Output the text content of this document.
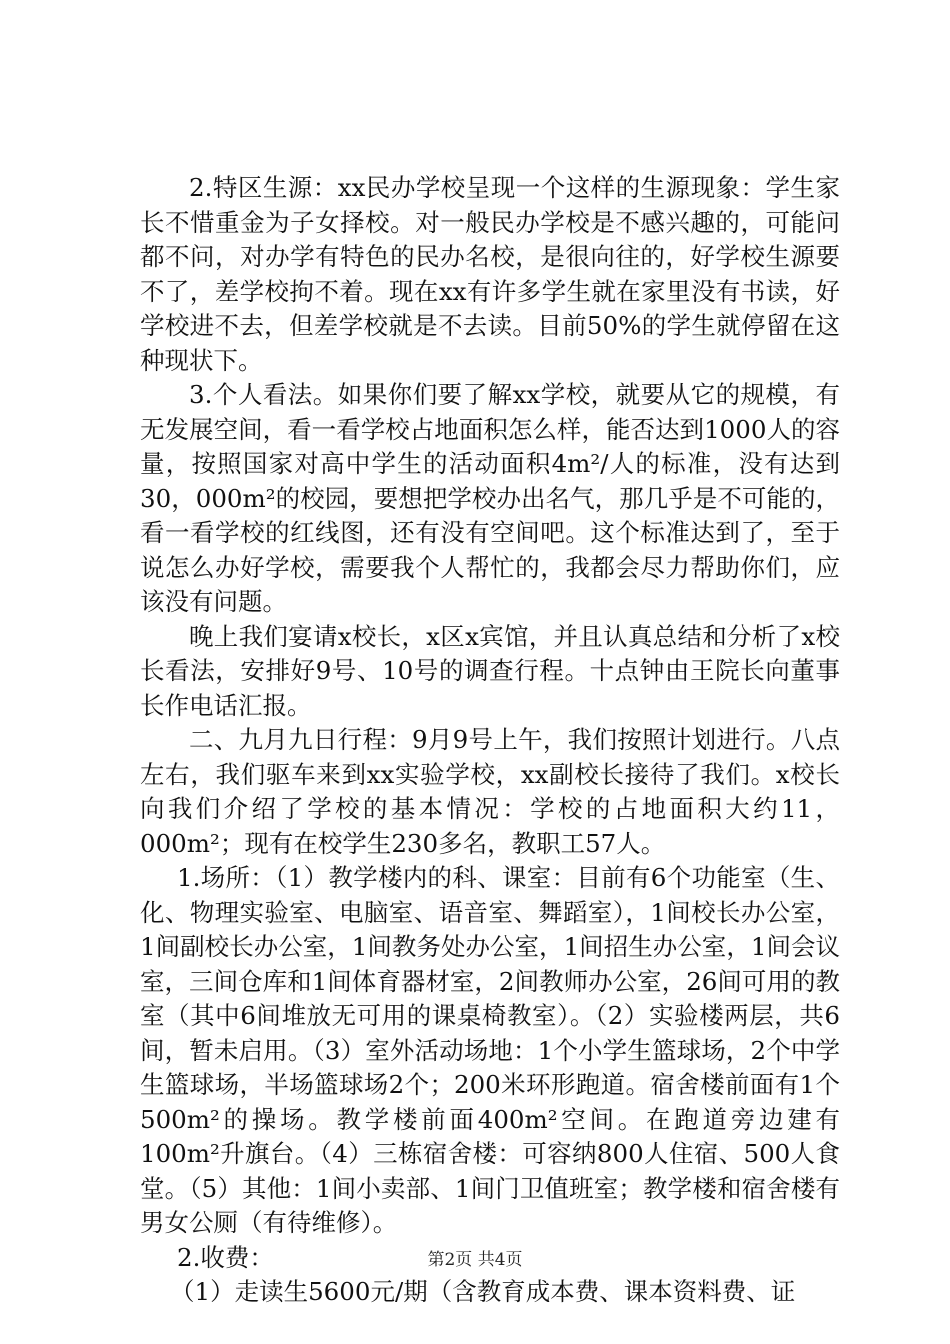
2.特区生源：xx民办学校呈现一个这样的生源现象：学生家长不惜重金为子女择校。对一般民办学校是不感兴趣的，可能问都不问，对办学有特色的民办名校，是很向往的，好学校生源要不了，差学校拘不着。现在xx有许多学生就在家里没有书读，好学校进不去，但差学校就是不去读。目前50%的学生就停留在这种现状下。

3.个人看法。如果你们要了解xx学校，就要从它的规模，有无发展空间，看一看学校占地面积怎么样，能否达到1000人的容量，按照国家对高中学生的活动面积4m²/人的标准，没有达到30，000m²的校园，要想把学校办出名气，那几乎是不可能的，看一看学校的红线图，还有没有空间吧。这个标准达到了，至于说怎么办好学校，需要我个人帮忙的，我都会尽力帮助你们，应该没有问题。

晚上我们宴请x校长，x区x宾馆，并且认真总结和分析了x校长看法，安排好9号、10号的调查行程。十点钟由王院长向董事长作电话汇报。

二、九月九日行程：9月9号上午，我们按照计划进行。八点左右，我们驱车来到xx实验学校，xx副校长接待了我们。x校长向我们介绍了学校的基本情况：学校的占地面积大约11，000m²；现有在校学生230多名，教职工57人。

1.场所：（1）教学楼内的科、课室：目前有6个功能室（生、化、物理实验室、电脑室、语音室、舞蹈室），1间校长办公室，1间副校长办公室，1间教务处办公室，1间招生办公室，1间会议室，三间仓库和1间体育器材室，2间教师办公室，26间可用的教室（其中6间堆放无可用的课桌椅教室）。（2）实验楼两层，共6间，暂未启用。（3）室外活动场地：1个小学生篮球场，2个中学生篮球场，半场篮球场2个；200米环形跑道。宿舍楼前面有1个500m²的操场。教学楼前面400m²空间。在跑道旁边建有100m²升旗台。（4）三栋宿舍楼：可容纳800人住宿、500人食堂。（5）其他：1间小卖部、1间门卫值班室；教学楼和宿舍楼有男女公厕（有待维修）。

2.收费：

（1）走读生5600元/期（含教育成本费、课本资料费、证

第2页 共4页
